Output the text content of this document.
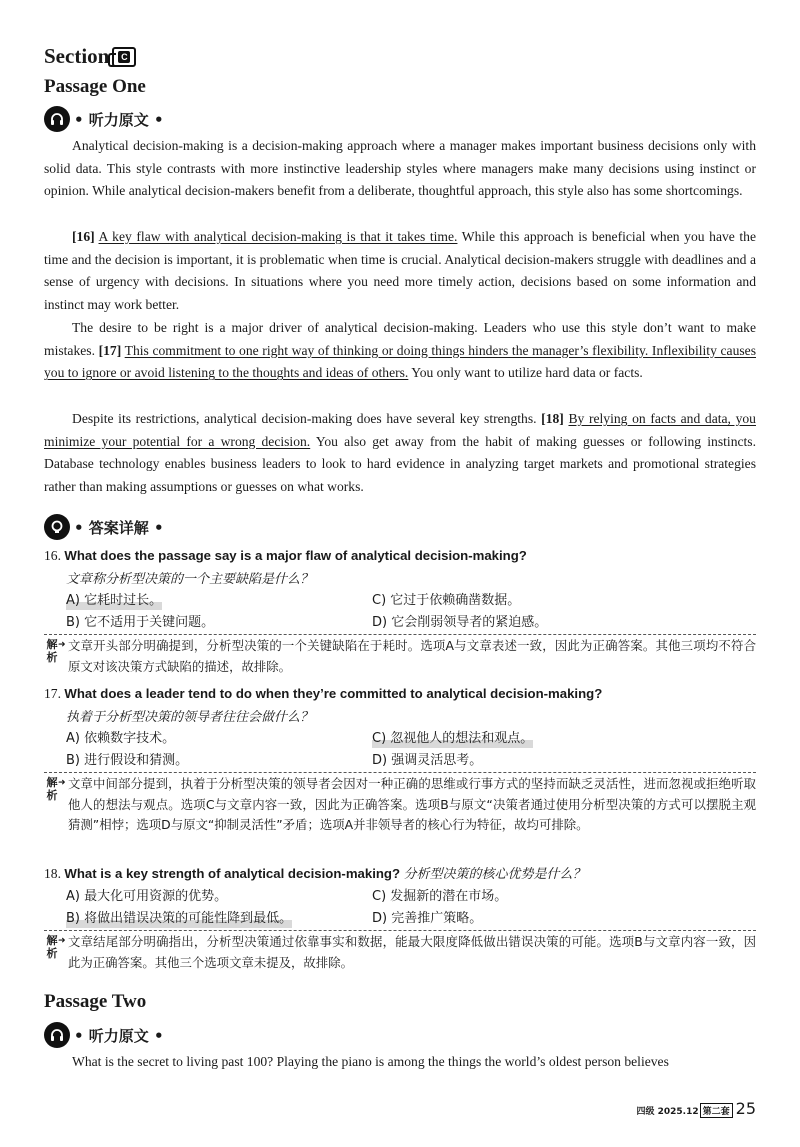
Section	C
Passage One
• 听力原文 •

Analytical decision-making is a decision-making approach where a manager makes important business decisions only with solid data. This style contrasts with more instinctive leadership styles where managers make many decisions using instinct or opinion. While analytical decision-makers benefit from a deliberate, thoughtful approach, this style also has some shortcomings.

[16] A key flaw with analytical decision-making is that it takes time. While this approach is beneficial when you have the time and the decision is important, it is problematic when time is crucial. Analytical decision-makers struggle with deadlines and a sense of urgency with decisions. In situations where you need more timely action, decisions based on some information and instinct may work better.

The desire to be right is a major driver of analytical decision-making. Leaders who use this style don’t want to make mistakes. [17] This commitment to one right way of thinking or doing things hinders the manager’s flexibility. Inflexibility causes you to ignore or avoid listening to the thoughts and ideas of others. You only want to utilize hard data or facts.

Despite its restrictions, analytical decision-making does have several key strengths. [18] By relying on facts and data, you minimize your potential for a wrong decision. You also get away from the habit of making guesses or following instincts. Database technology enables business leaders to look to hard evidence in analyzing target markets and promotional strategies rather than making assumptions or guesses on what works.

• 答案详解 •
16. What does the passage say is a major flaw of analytical decision-making?
文章称分析型决策的一个主要缺陷是什么？
A) 它耗时过长。	C) 它过于依赖确凿数据。
B) 它不适用于关键问题。	D) 它会削弱领导者的紧迫感。
解析
➜ 文章开头部分明确提到，分析型决策的一个关键缺陷在于耗时。选项A与文章表述一致，因此为正确答案。其他三项均不符合原文对该决策方式缺陷的描述，故排除。
17. What does a leader tend to do when they’re committed to analytical decision-making?
执着于分析型决策的领导者往往会做什么？
A) 依赖数字技术。	C) 忽视他人的想法和观点。
B) 进行假设和猜测。	D) 强调灵活思考。
解析
➜ 文章中间部分提到，执着于分析型决策的领导者会因对一种正确的思维或行事方式的坚持而缺乏灵活性，进而忽视或拒绝听取他人的想法与观点。选项C与文章内容一致，因此为正确答案。选项B与原文“决策者通过使用分析型决策的方式可以摆脱主观猜测”相悖；选项D与原文“抑制灵活性”矛盾；选项A并非领导者的核心行为特征，故均可排除。
18. What is a key strength of analytical decision-making? 分析型决策的核心优势是什么？
A) 最大化可用资源的优势。	C) 发掘新的潜在市场。
B) 将做出错误决策的可能性降到最低。	D) 完善推广策略。
解析
➜ 文章结尾部分明确指出，分析型决策通过依靠事实和数据，能最大限度降低做出错误决策的可能。选项B与文章内容一致，因此为正确答案。其他三个选项文章未提及，故排除。
Passage Two
• 听力原文 •

What is the secret to living past 100? Playing the piano is among the things the world’s oldest person believes

四级 2025.12 第二套 25
